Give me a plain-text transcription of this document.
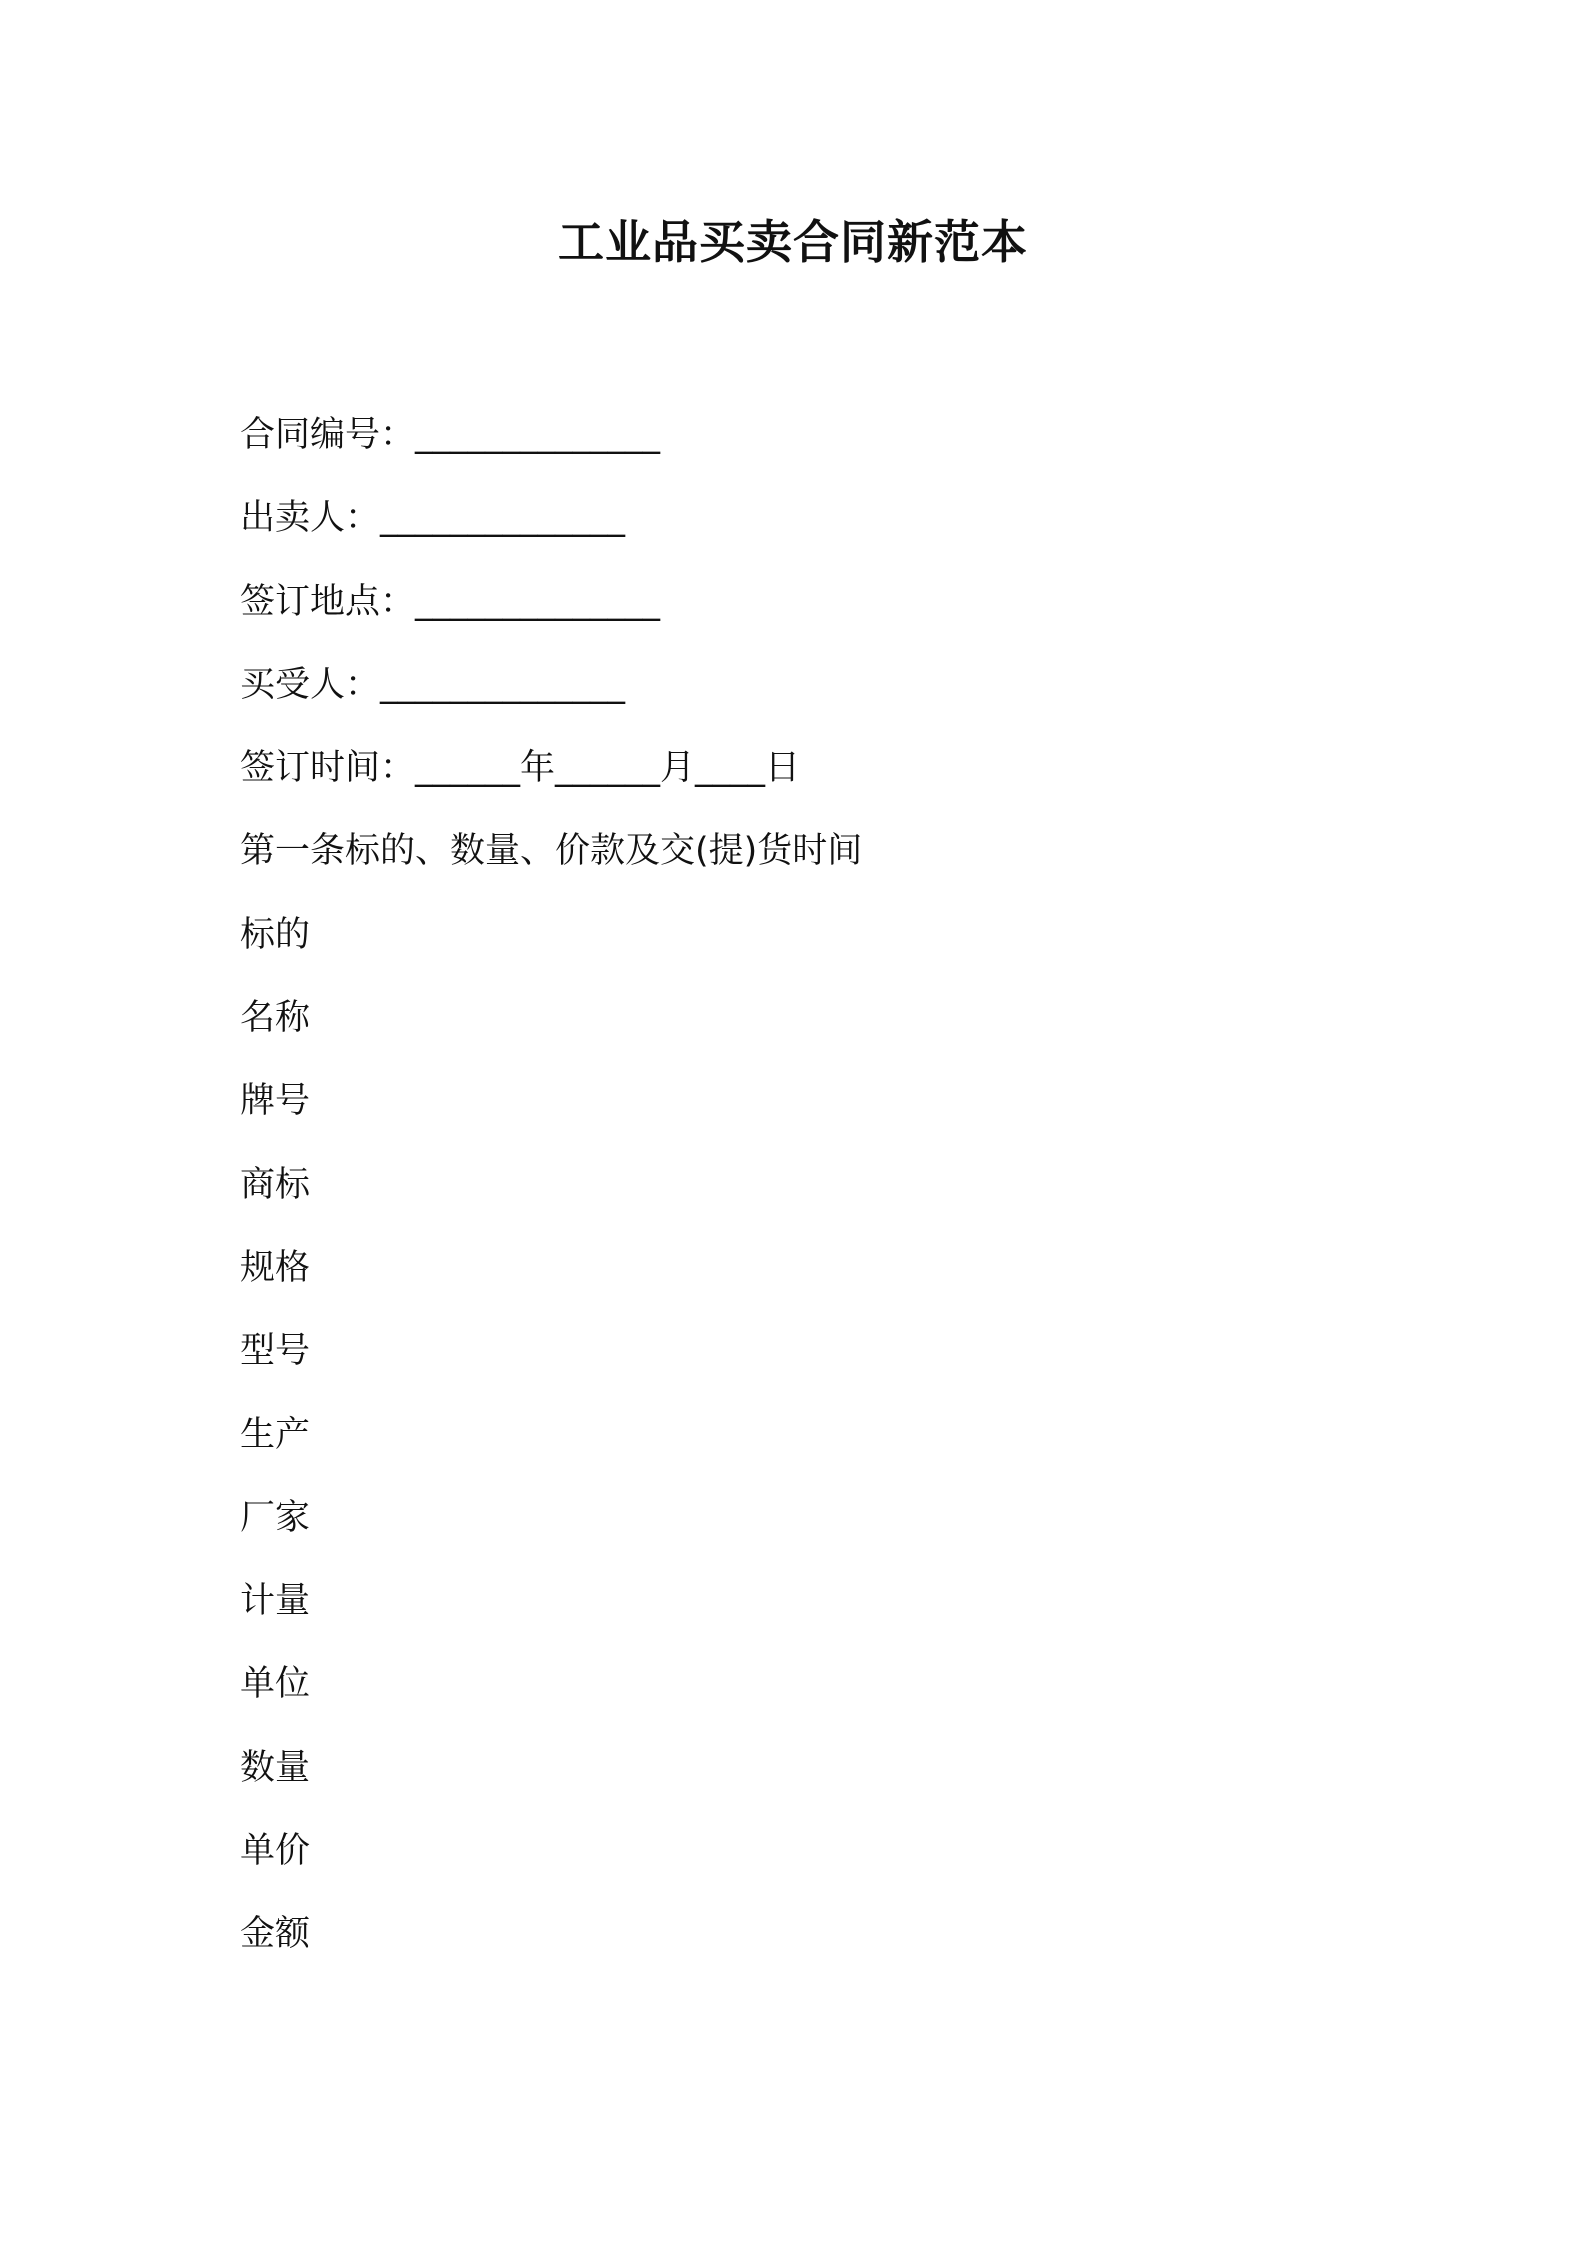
工业品买卖合同新范本
合同编号：______________
出卖人：______________
签订地点：______________
买受人：______________
签订时间：______年______月____日
第一条标的、数量、价款及交(提)货时间
标的
名称
牌号
商标
规格
型号
生产
厂家
计量
单位
数量
单价
金额
